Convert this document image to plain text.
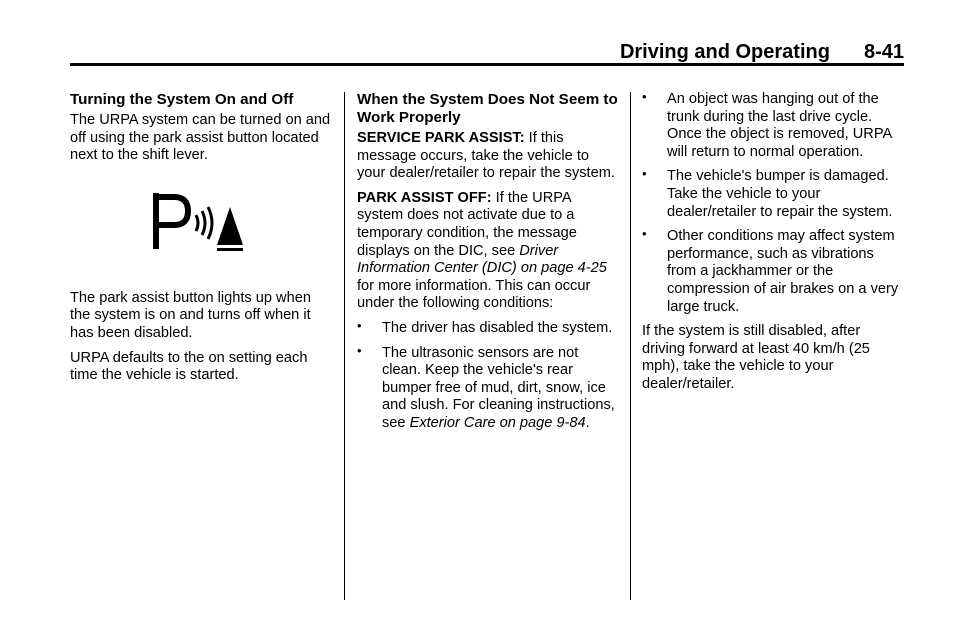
Driving and Operating 8-41
Turning the System On and Off

The URPA system can be turned on and off using the park assist button located next to the shift lever.

The park assist button lights up when the system is on and turns off when it has been disabled.

URPA defaults to the on setting each time the vehicle is started.

When the System Does Not Seem to Work Properly

SERVICE PARK ASSIST: If this message occurs, take the vehicle to your dealer/retailer to repair the system.

PARK ASSIST OFF: If the URPA system does not activate due to a temporary condition, the message displays on the DIC, see Driver Information Center (DIC) on page 4-25 for more information. This can occur under the following conditions:

• The driver has disabled the system.
• The ultrasonic sensors are not clean. Keep the vehicle's rear bumper free of mud, dirt, snow, ice and slush. For cleaning instructions, see Exterior Care on page 9-84.
• An object was hanging out of the trunk during the last drive cycle. Once the object is removed, URPA will return to normal operation.
• The vehicle's bumper is damaged. Take the vehicle to your dealer/retailer to repair the system.
• Other conditions may affect system performance, such as vibrations from a jackhammer or the compression of air brakes on a very large truck.

If the system is still disabled, after driving forward at least 40 km/h (25 mph), take the vehicle to your dealer/retailer.
